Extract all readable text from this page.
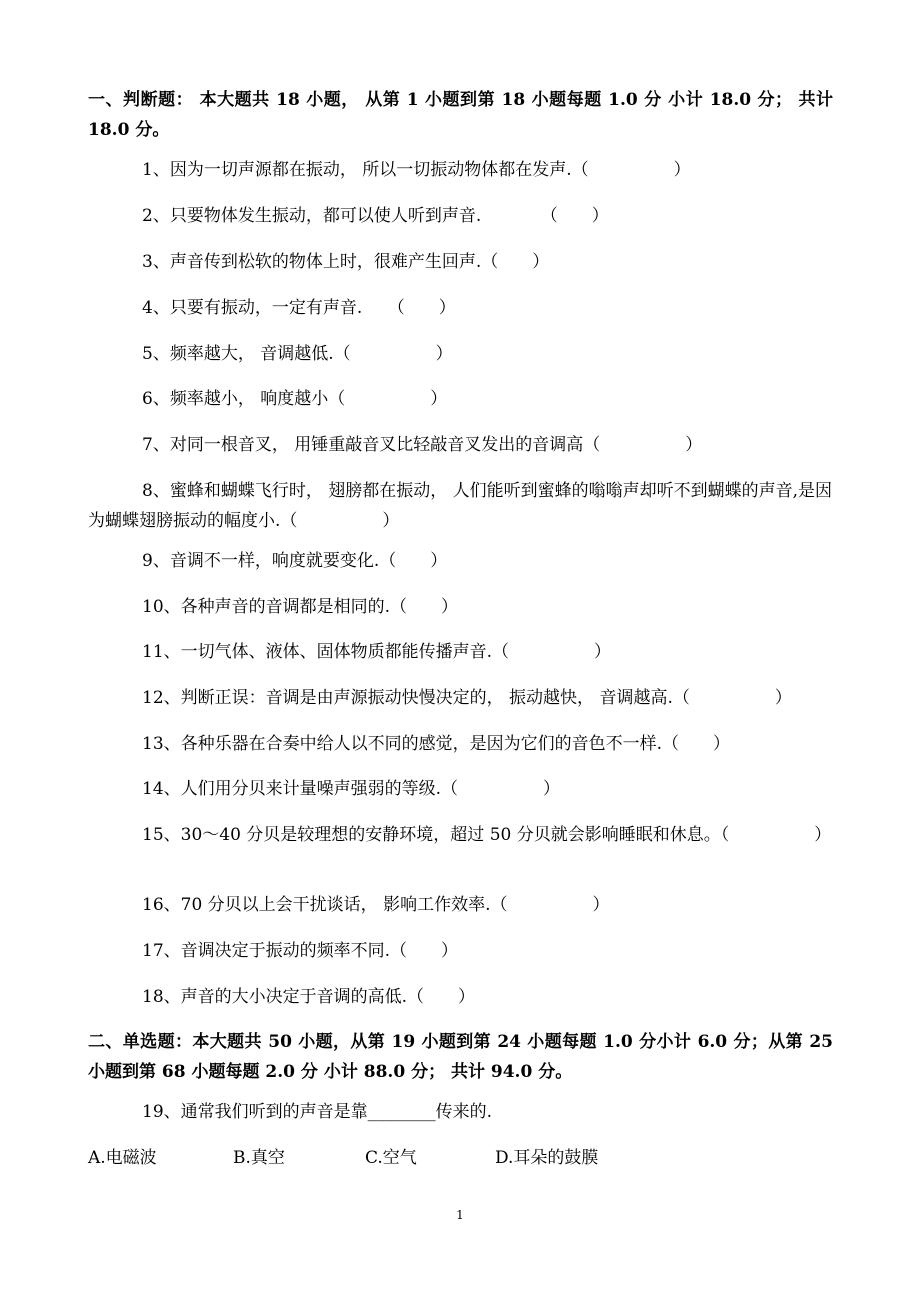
一、判断题： 本大题共 18 小题， 从第 1 小题到第 18 小题每题 1.0 分 小计 18.0 分； 共计 18.0 分。
1、因为一切声源都在振动， 所以一切振动物体都在发声.（　　　　　）
2、只要物体发生振动，都可以使人听到声音.　　　　（　　）
3、声音传到松软的物体上时，很难产生回声.（　　）
4、只要有振动，一定有声音.　　（　　）
5、频率越大， 音调越低.（　　　　　）
6、频率越小， 响度越小（　　　　　）
7、对同一根音叉， 用锤重敲音叉比轻敲音叉发出的音调高（　　　　　）
8、蜜蜂和蝴蝶飞行时， 翅膀都在振动， 人们能听到蜜蜂的嗡嗡声却听不到蝴蝶的声音,是因为蝴蝶翅膀振动的幅度小.（　　　　　）
9、音调不一样，响度就要变化.（　　）
10、各种声音的音调都是相同的.（　　）
11、一切气体、液体、固体物质都能传播声音.（　　　　　）
12、判断正误：音调是由声源振动快慢决定的， 振动越快， 音调越高.（　　　　　）
13、各种乐器在合奏中给人以不同的感觉，是因为它们的音色不一样.（　　）
14、人们用分贝来计量噪声强弱的等级.（　　　　　）
15、30～40 分贝是较理想的安静环境，超过 50 分贝就会影响睡眠和休息。（　　　　　）
16、70 分贝以上会干扰谈话， 影响工作效率.（　　　　　）
17、音调决定于振动的频率不同.（　　）
18、声音的大小决定于音调的高低.（　　）
二、单选题：本大题共 50 小题，从第 19 小题到第 24 小题每题 1.0 分小计 6.0 分；从第 25 小题到第 68 小题每题 2.0 分 小计 88.0 分； 共计 94.0 分。
19、通常我们听到的声音是靠________传来的.
A.电磁波	B.真空	C.空气	D.耳朵的鼓膜
1
